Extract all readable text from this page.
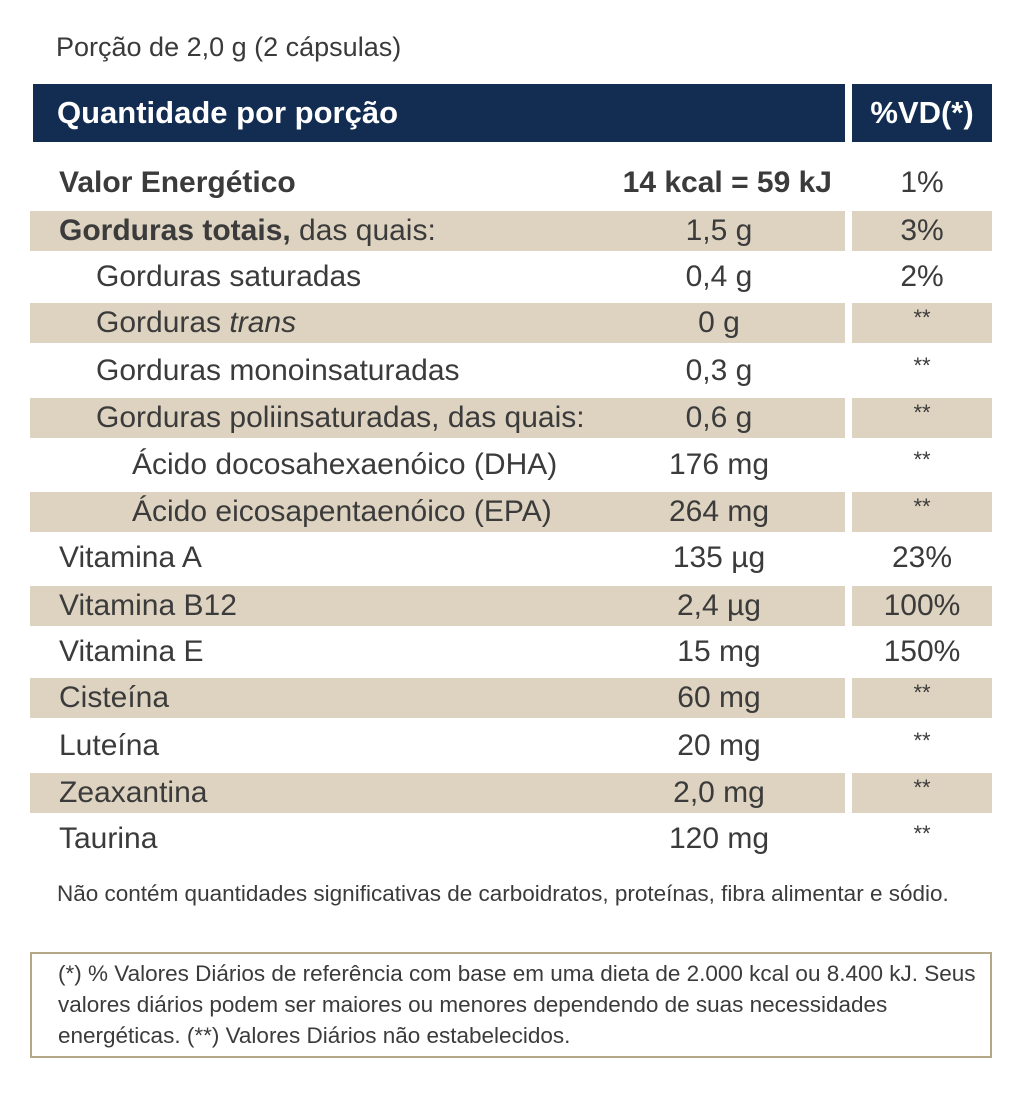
Porção de 2,0 g (2 cápsulas)
Quantidade por porção	%VD(*)
Valor Energético	14 kcal = 59 kJ	1%
Gorduras totais, das quais:	1,5 g	3%
Gorduras saturadas	0,4 g	2%
Gorduras trans	0 g	**
Gorduras monoinsaturadas	0,3 g	**
Gorduras poliinsaturadas, das quais:	0,6 g	**
Ácido docosahexaenóico (DHA)	176 mg	**
Ácido eicosapentaenóico (EPA)	264 mg	**
Vitamina A	135 µg	23%
Vitamina B12	2,4 µg	100%
Vitamina E	15 mg	150%
Cisteína	60 mg	**
Luteína	20 mg	**
Zeaxantina	2,0 mg	**
Taurina	120 mg	**
Não contém quantidades significativas de carboidratos, proteínas, fibra alimentar e sódio.
(*) % Valores Diários de referência com base em uma dieta de 2.000 kcal ou 8.400 kJ. Seus valores diários podem ser maiores ou menores dependendo de suas necessidades energéticas. (**) Valores Diários não estabelecidos.
